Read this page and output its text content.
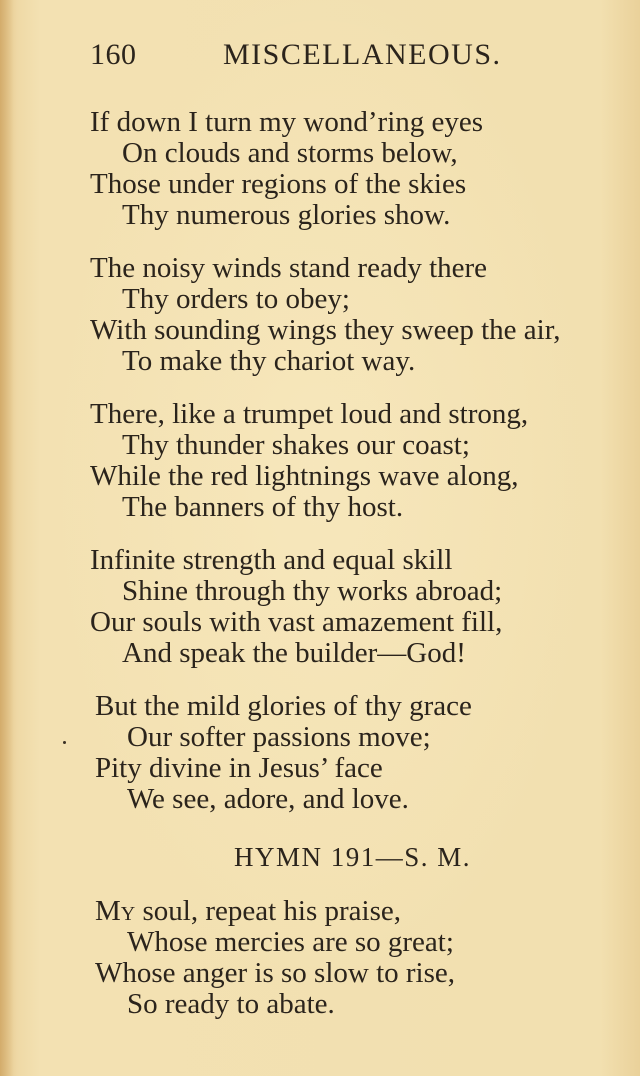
160	MISCELLANEOUS.
If down I turn my wond’ring eyes
On clouds and storms below,
Those under regions of the skies
Thy numerous glories show.
The noisy winds stand ready there
Thy orders to obey;
With sounding wings they sweep the air,
To make thy chariot way.
There, like a trumpet loud and strong,
Thy thunder shakes our coast;
While the red lightnings wave along,
The banners of thy host.
Infinite strength and equal skill
Shine through thy works abroad;
Our souls with vast amazement fill,
And speak the builder—God!
But the mild glories of thy grace
Our softer passions move;
Pity divine in Jesus’ face
We see, adore, and love.
HYMN 191—S. M.
My soul, repeat his praise,
Whose mercies are so great;
Whose anger is so slow to rise,
So ready to abate.
